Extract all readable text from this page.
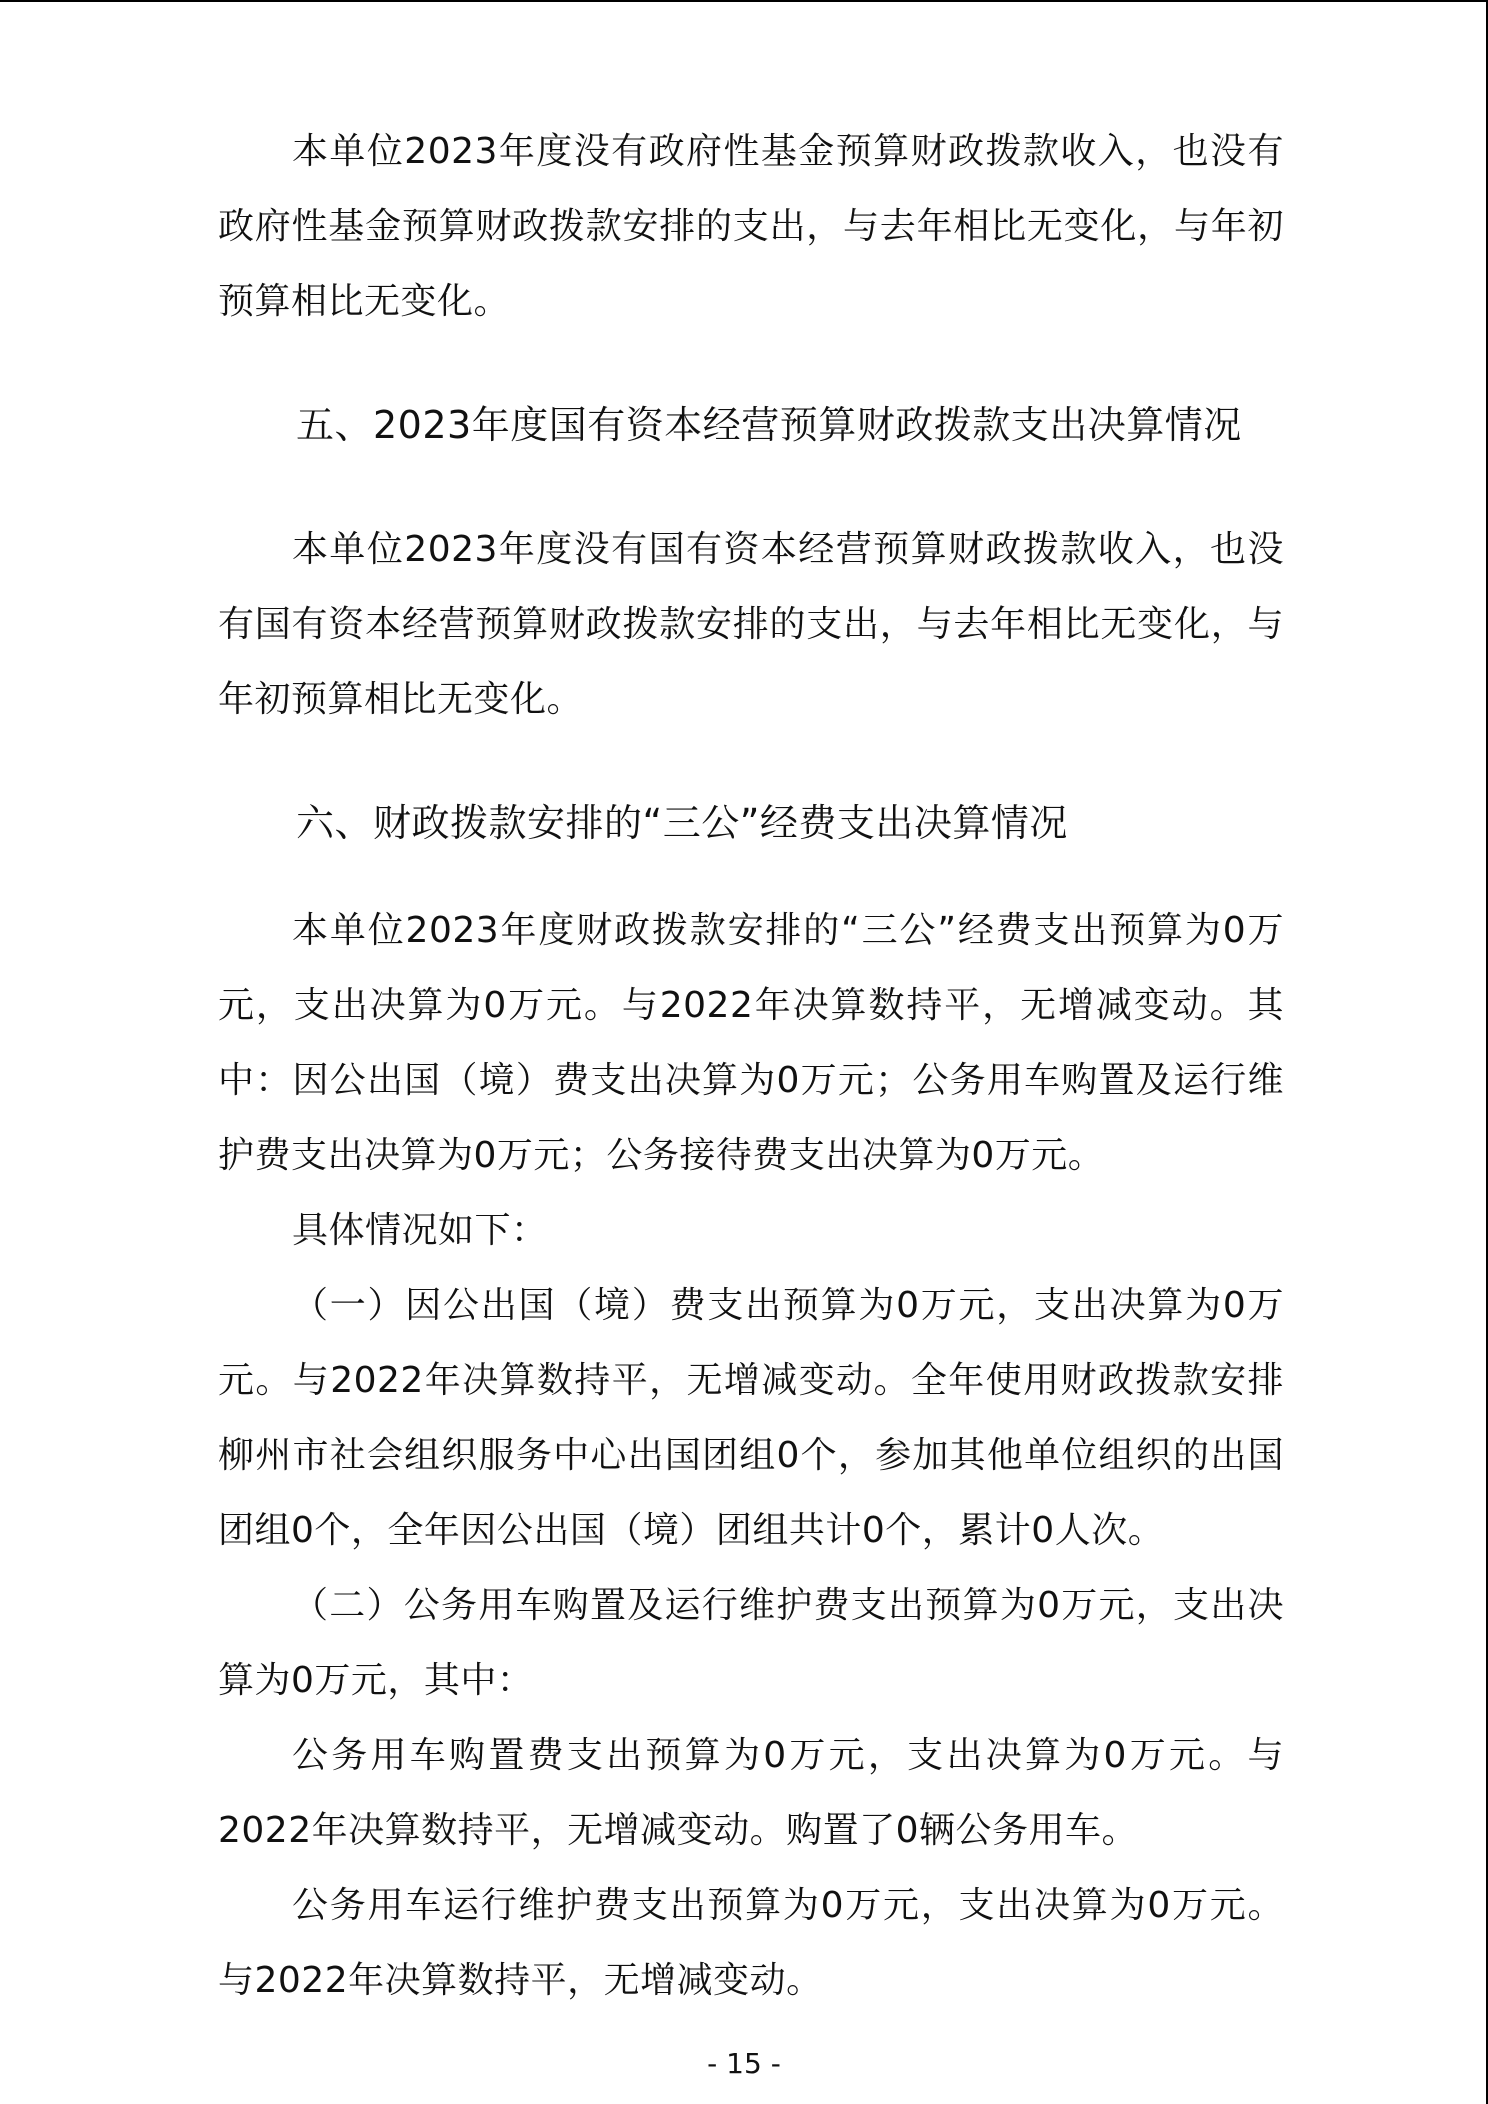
本单位2023年度没有政府性基金预算财政拨款收入，也没有政府性基金预算财政拨款安排的支出，与去年相比无变化，与年初预算相比无变化。

五、2023年度国有资本经营预算财政拨款支出决算情况

本单位2023年度没有国有资本经营预算财政拨款收入，也没有国有资本经营预算财政拨款安排的支出，与去年相比无变化，与年初预算相比无变化。

六、财政拨款安排的“三公”经费支出决算情况

本单位2023年度财政拨款安排的“三公”经费支出预算为0万元，支出决算为0万元。与2022年决算数持平，无增减变动。其中：因公出国（境）费支出决算为0万元；公务用车购置及运行维护费支出决算为0万元；公务接待费支出决算为0万元。

具体情况如下：

（一）因公出国（境）费支出预算为0万元，支出决算为0万元。与2022年决算数持平，无增减变动。全年使用财政拨款安排柳州市社会组织服务中心出国团组0个，参加其他单位组织的出国团组0个，全年因公出国（境）团组共计0个，累计0人次。

（二）公务用车购置及运行维护费支出预算为0万元，支出决算为0万元，其中：

公务用车购置费支出预算为0万元，支出决算为0万元。与2022年决算数持平，无增减变动。购置了0辆公务用车。

公务用车运行维护费支出预算为0万元，支出决算为0万元。与2022年决算数持平，无增减变动。

- 15 -
